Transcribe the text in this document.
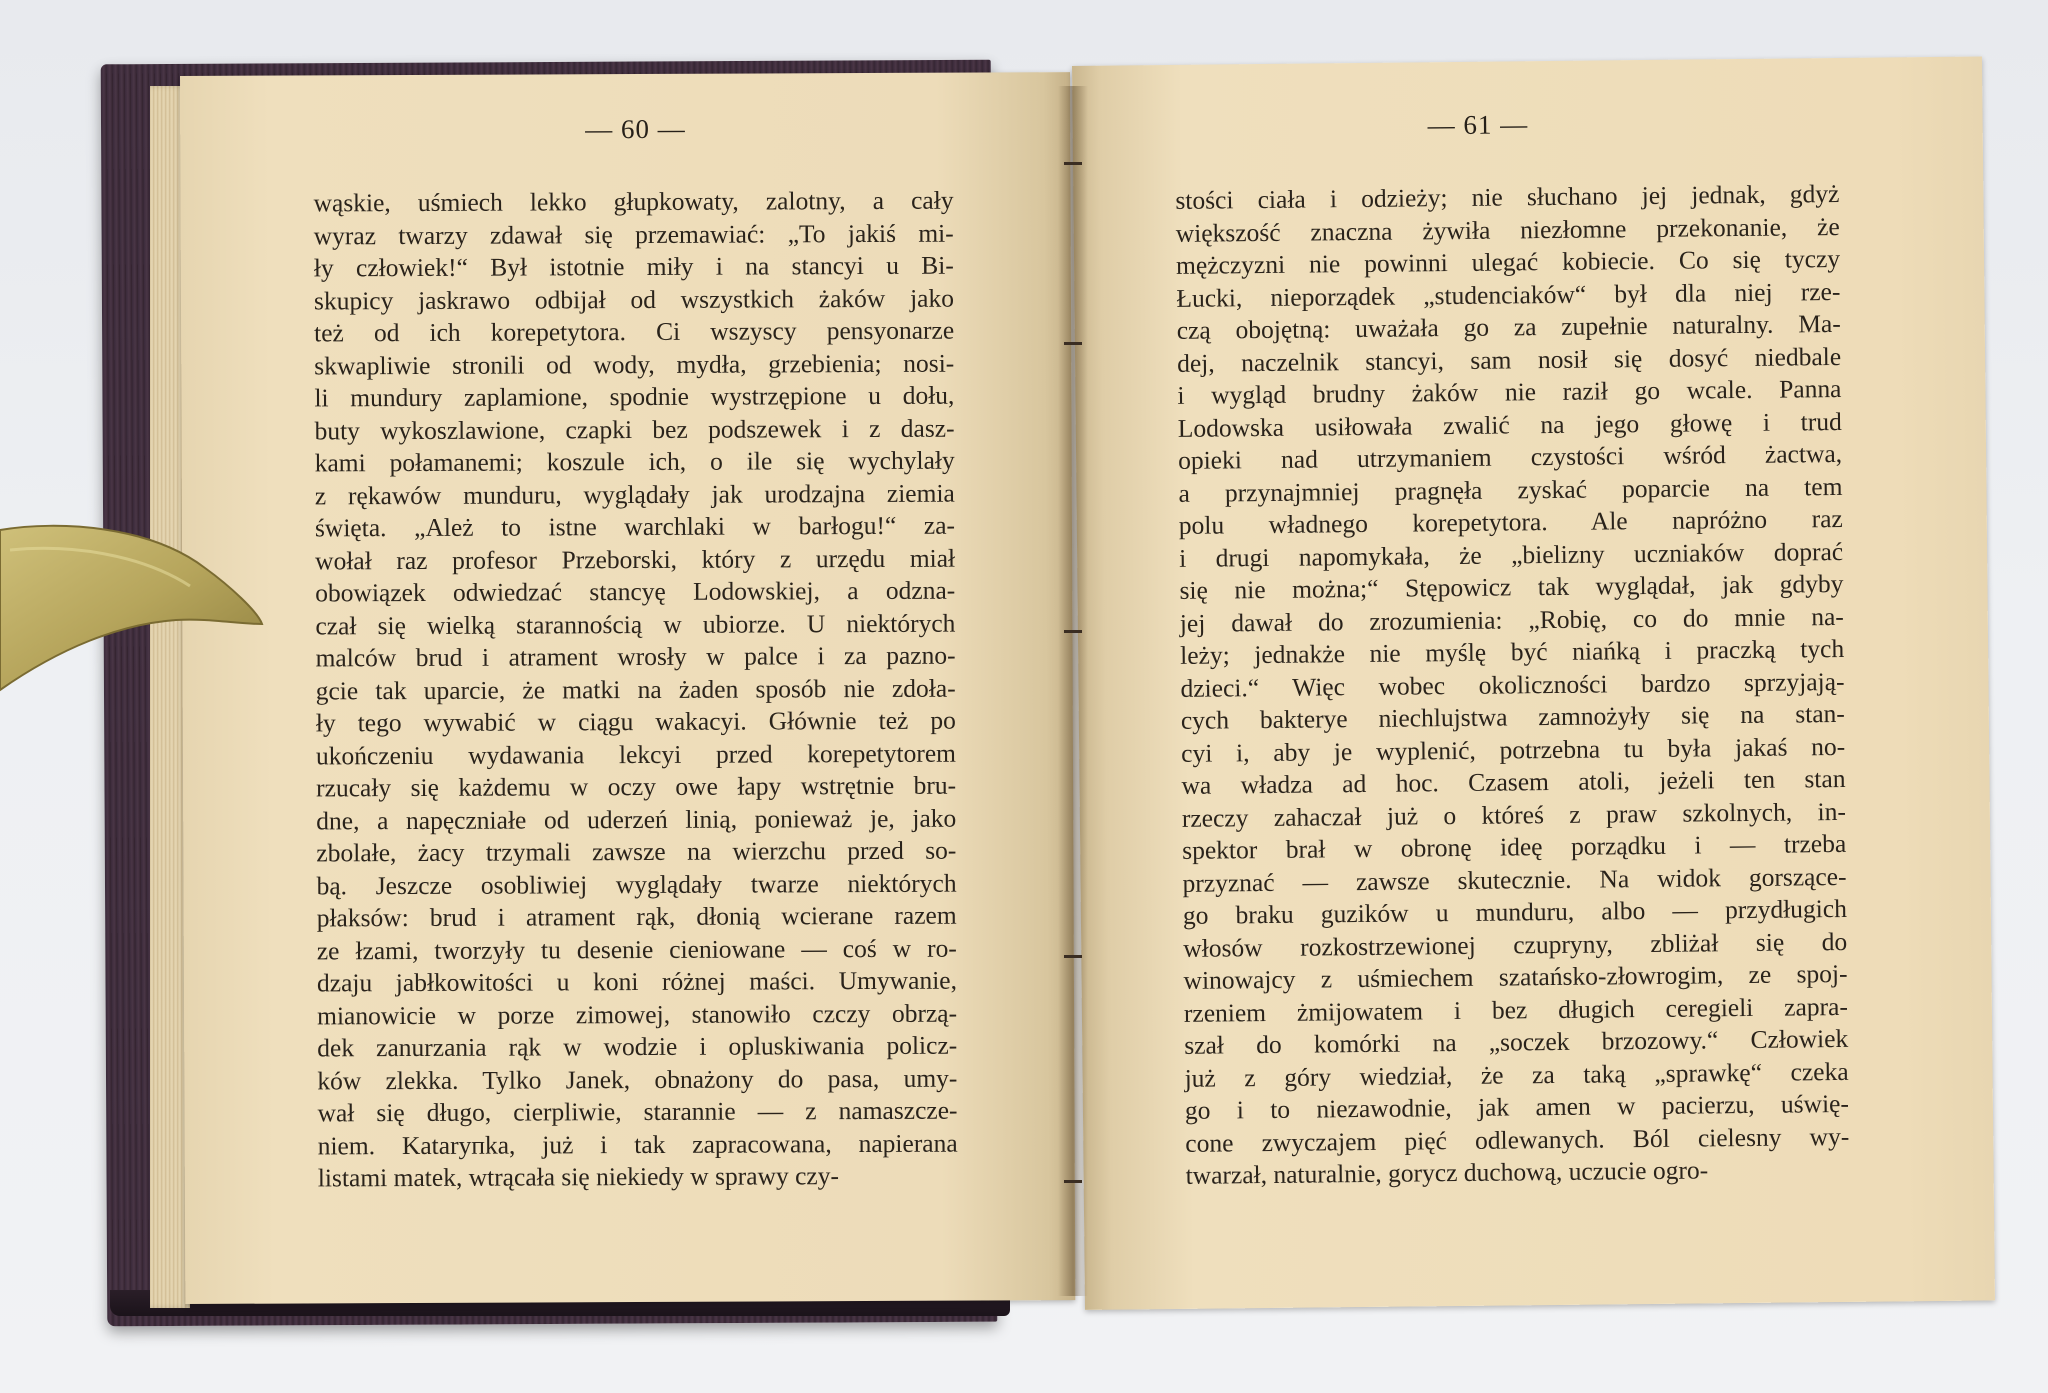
— 60 —
wąskie, uśmiech lekko głupkowaty, zalotny, a cały
wyraz twarzy zdawał się przemawiać: „To jakiś mi-
ły człowiek!“ Był istotnie miły i na stancyi u Bi-
skupicy jaskrawo odbijał od wszystkich żaków jako
też od ich korepetytora. Ci wszyscy pensyonarze
skwapliwie stronili od wody, mydła, grzebienia; nosi-
li mundury zaplamione, spodnie wystrzępione u dołu,
buty wykoszlawione, czapki bez podszewek i z dasz-
kami połamanemi; koszule ich, o ile się wychylały
z rękawów munduru, wyglądały jak urodzajna ziemia
święta. „Ależ to istne warchlaki w barłogu!“ za-
wołał raz profesor Przeborski, który z urzędu miał
obowiązek odwiedzać stancyę Lodowskiej, a odzna-
czał się wielką starannością w ubiorze. U niektórych
malców brud i atrament wrosły w palce i za paznо-
gcie tak uparcie, że matki na żaden sposób nie zdoła-
ły tego wywabić w ciągu wakacyi. Głównie też po
ukończeniu wydawania lekcyi przed korepetytorem
rzucały się każdemu w oczy owe łapy wstrętnie bru-
dne, a napęczniałe od uderzeń linią, ponieważ je, jako
zbolałe, żacy trzymali zawsze na wierzchu przed so-
bą. Jeszcze osobliwiej wyglądały twarze niektórych
płaksów: brud i atrament rąk, dłonią wcierane razem
ze łzami, tworzyły tu desenie cieniowane — coś w ro-
dzaju jabłkowitości u koni różnej maści. Umywanie,
mianowicie w porze zimowej, stanowiło czczy obrzą-
dek zanurzania rąk w wodzie i opluskiwania policz-
ków zlekka. Tylko Janek, obnażony do pasa, umy-
wał się długo, cierpliwie, starannie — z namaszcze-
niem. Kataryпka, już i tak zapracowana, napierana
listami matek, wtrącała się niekiedy w sprawy czy-
— 61 —
stości ciała i odzieży; nie słuchano jej jednak, gdyż
większość znaczna żywiła niezłomne przekonanie, że
mężczyzni nie powinni ulegać kobiecie. Co się tyczy
Łucki, nieporządek „studenciaków“ był dla niej rze-
czą obojętną: uważała go za zupełnie naturalny. Ma-
dej, naczelnik stancyi, sam nosił się dosyć niedbale
i wygląd brudny żaków nie raził go wcale. Panna
Lodowska usiłowała zwalić na jego głowę i trud
opieki nad utrzymaniem czystości wśród żactwa,
a przynajmniej pragnęła zyskać poparcie na tem
polu władnego korepetytora. Ale napróżno raz
i drugi napomykała, że „bielizny uczniaków doprać
się nie można;“ Stępowicz tak wyglądał, jak gdyby
jej dawał do zrozumienia: „Robię, co do mnie na-
leży; jednakże nie myślę być niańką i praczką tych
dzieci.“ Więc wobec okoliczności bardzo sprzyjają-
cych bakterye niechlujstwa zamnożyły się na stan-
cyi i, aby je wyplenić, potrzebna tu była jakaś no-
wa władza ad hoc. Czasem atoli, jeżeli ten stan
rzeczy zahaczał już o któreś z praw szkolnych, in-
spektor brał w obronę ideę porządku i — trzeba
przyznać — zawsze skutecznie. Na widok gorszące-
go braku guzików u munduru, albo — przydługich
włosów rozkostrzewionej czupryny, zbliżał się do
winowajcy z uśmiechem szatańsko-złowrogim, ze spoj-
rzeniem żmijowatem i bez długich ceregieli zapra-
szał do komórki na „soczek brzozowy.“ Człowiek
już z góry wiedział, że za taką „sprawkę“ czeka
go i to niezawodnie, jak amen w pacierzu, uświę-
cone zwyczajem pięć odlewanych. Ból cielesny wy-
twarzał, naturalnie, gorycz duchową, uczucie ogro-
